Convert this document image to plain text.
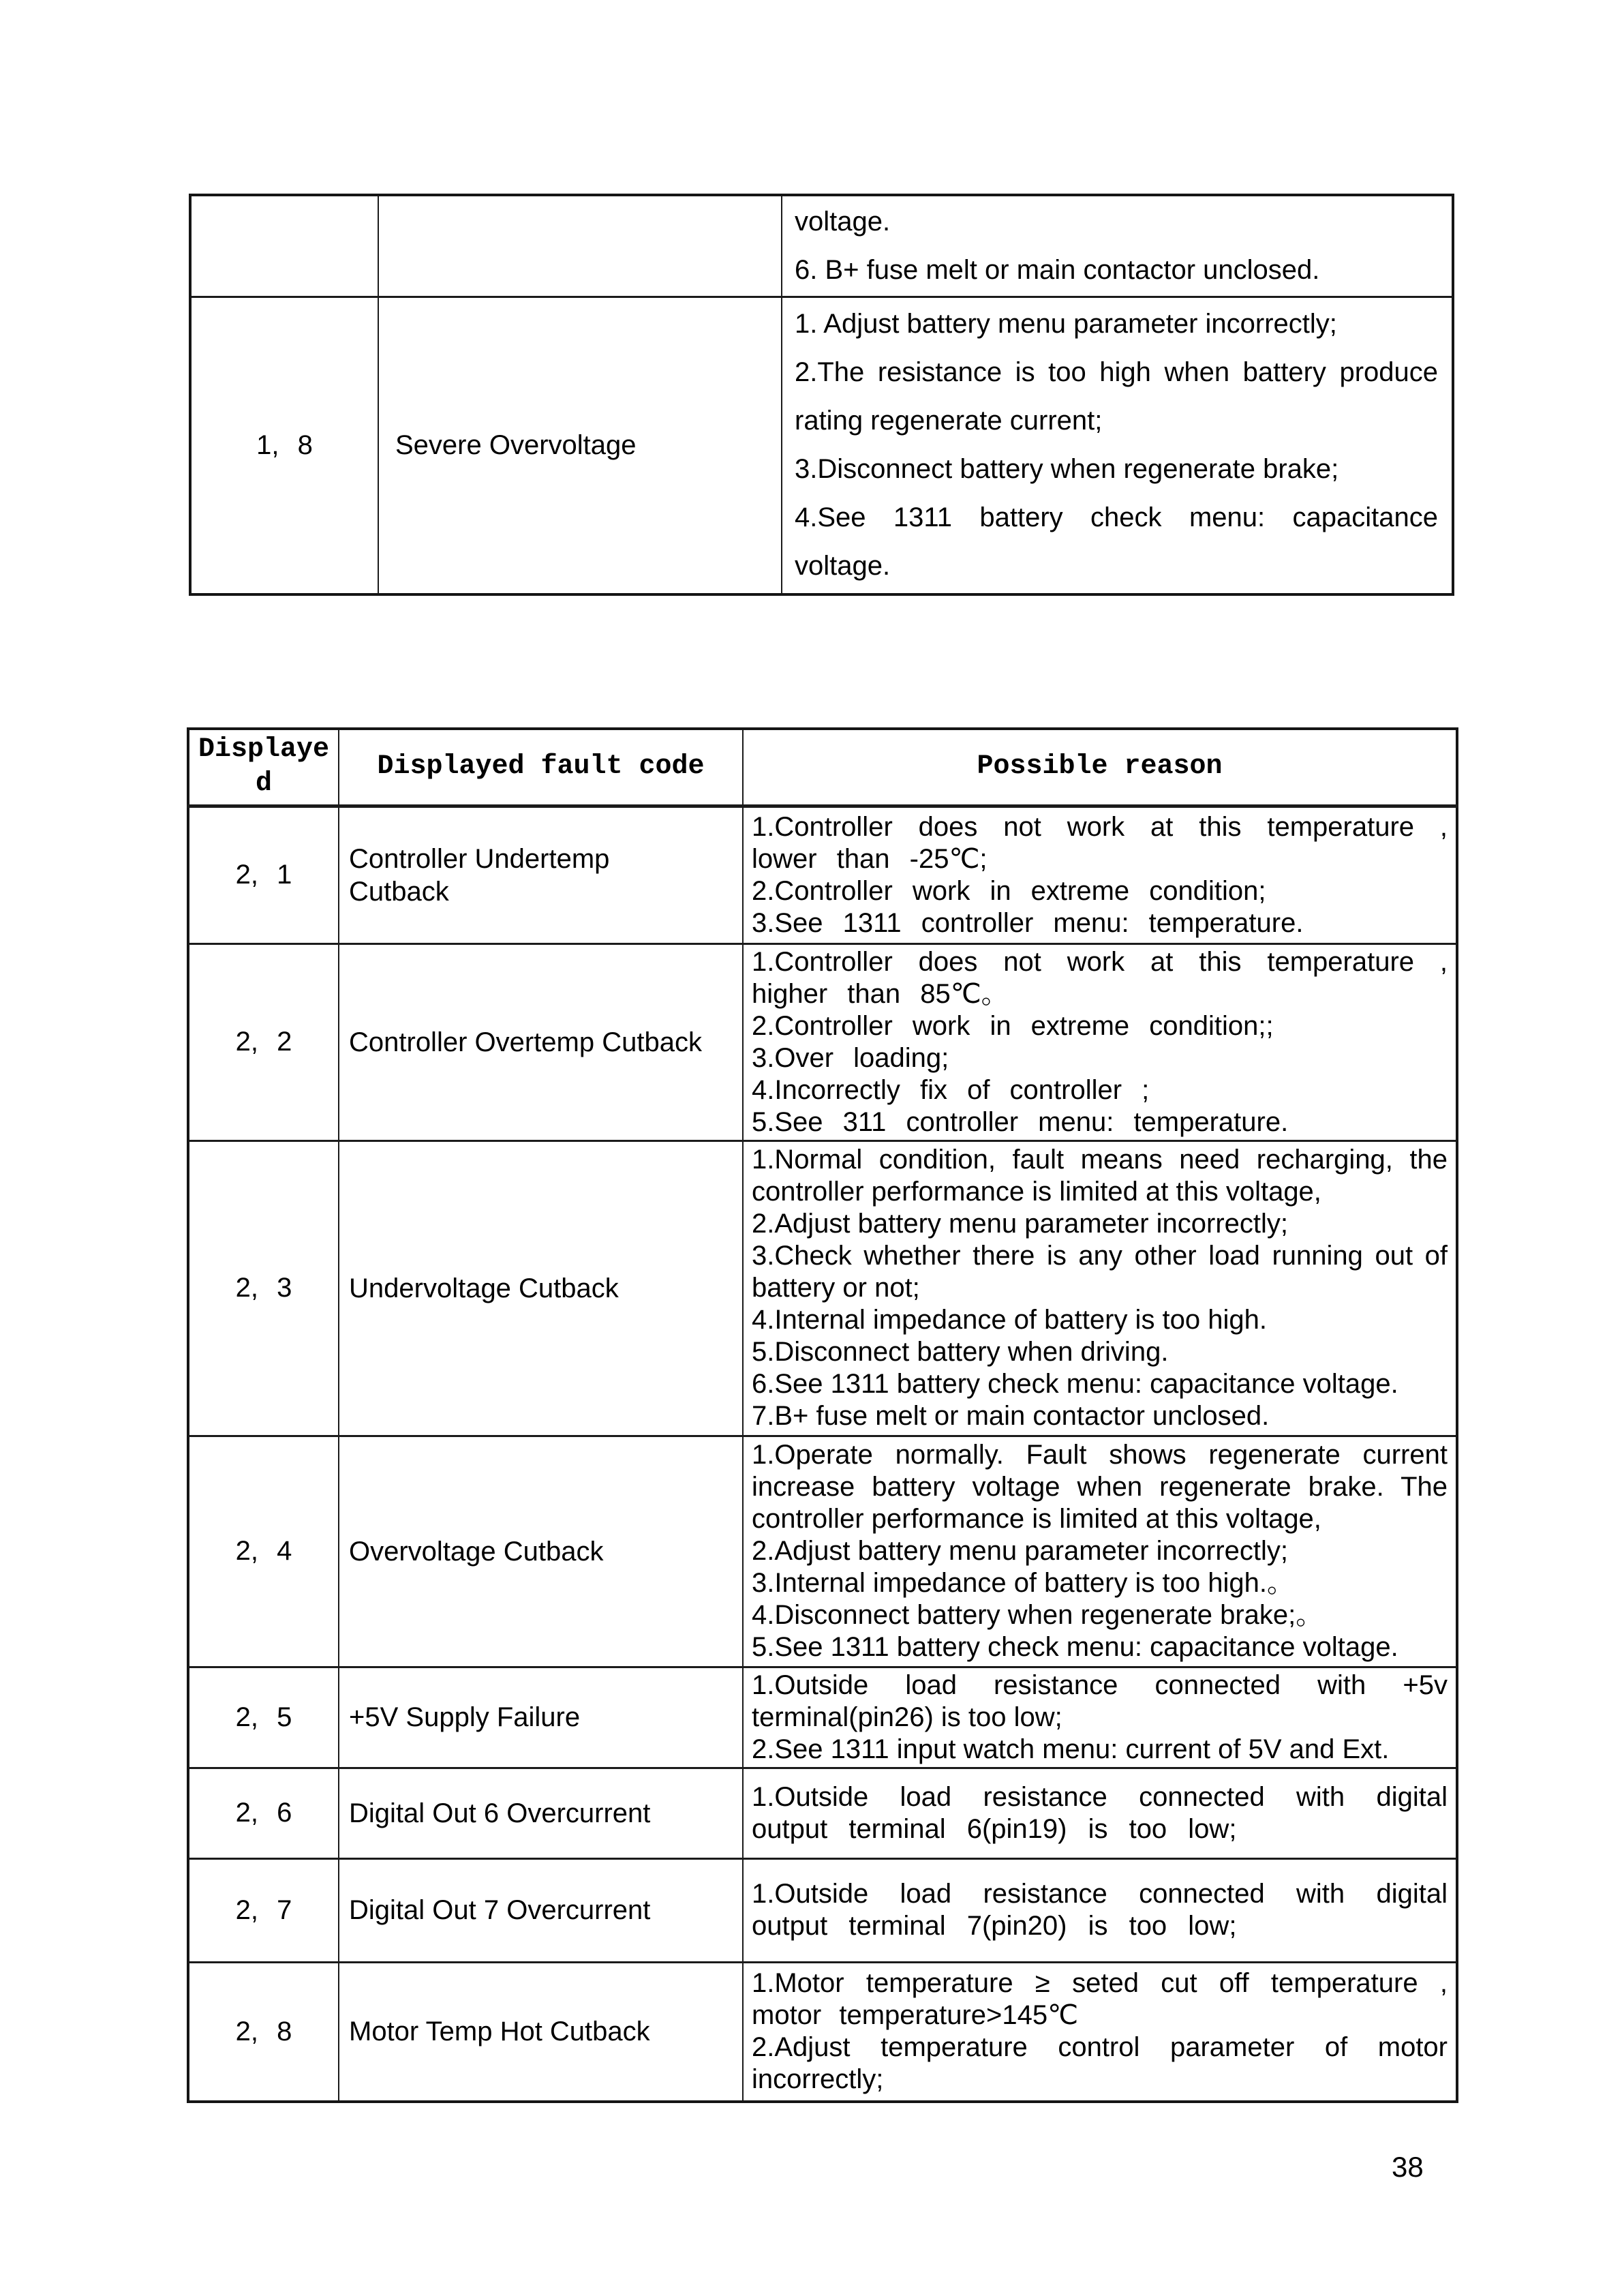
		voltage.
6. B+ fuse melt or main contactor unclosed.

1, 8	Severe Overvoltage	1. Adjust battery menu parameter incorrectly;
2.The resistance is too high when battery produce rating regenerate current;
3.Disconnect battery when regenerate brake;
4.See 1311 battery check menu: capacitance voltage.
Displayed	Displayed fault code	Possible reason
2, 1	Controller Undertemp Cutback	1.Controller does not work at this temperature , lower than -25℃;
2.Controller work in extreme condition;
3.See 1311 controller menu: temperature.

2, 2	Controller Overtemp Cutback	1.Controller does not work at this temperature , higher than 85℃。
2.Controller work in extreme condition;;
3.Over loading;
4.Incorrectly fix of controller ;
5.See 311 controller menu: temperature.

2, 3	Undervoltage Cutback	
1.Normal condition, fault means need recharging, the controller performance is limited at this voltage,
2.Adjust battery menu parameter incorrectly;
3.Check whether there is any other load running out of battery or not;
4.Internal impedance of battery is too high.
5.Disconnect battery when driving.
6.See 1311 battery check menu: capacitance voltage.
7.B+ fuse melt or main contactor unclosed.

2, 4	Overvoltage Cutback	1.Operate normally. Fault shows regenerate current increase battery voltage when regenerate brake. The controller performance is limited at this voltage,
2.Adjust battery menu parameter incorrectly;
3.Internal impedance of battery is too high.。
4.Disconnect battery when regenerate brake;。
5.See 1311 battery check menu: capacitance voltage.

2, 5	+5V Supply Failure	1.Outside load resistance connected with +5v terminal(pin26) is too low;
2.See 1311 input watch menu: current of 5V and Ext.

2, 6	Digital Out 6 Overcurrent	1.Outside load resistance connected with digital output terminal 6(pin19) is too low;

2, 7	Digital Out 7 Overcurrent	1.Outside load resistance connected with digital output terminal 7(pin20) is too low;

2, 8	Motor Temp Hot Cutback	1.Motor temperature ≥ seted cut off temperature , motor temperature>145℃
2.Adjust temperature control parameter of motor incorrectly;
38
